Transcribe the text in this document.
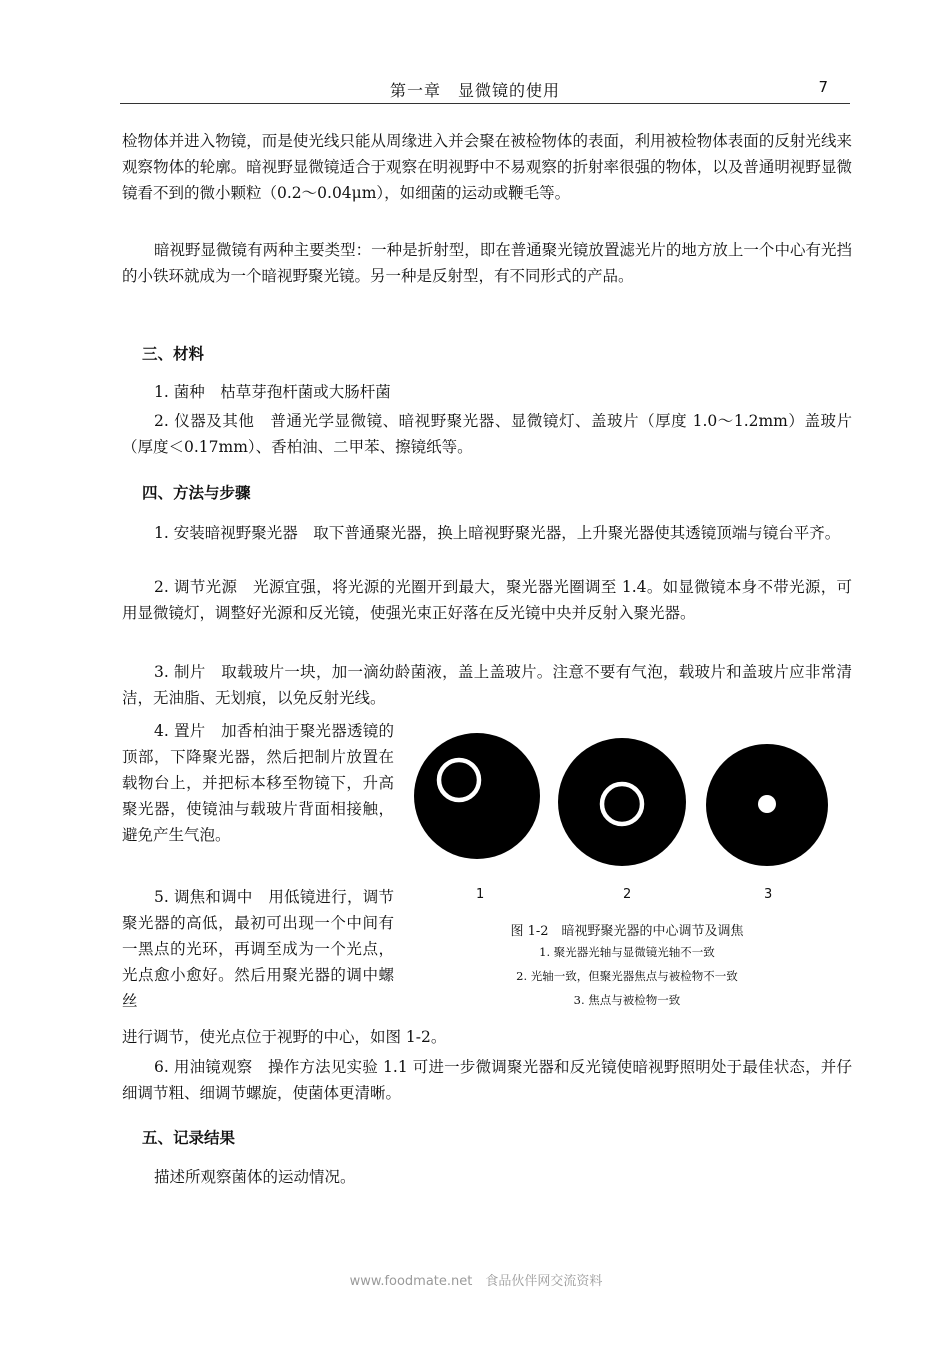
第一章　显微镜的使用	7

检物体并进入物镜，而是使光线只能从周缘进入并会聚在被检物体的表面，利用被检物体表面的反射光线来观察物体的轮廓。暗视野显微镜适合于观察在明视野中不易观察的折射率很强的物体，以及普通明视野显微镜看不到的微小颗粒（0.2～0.04μm），如细菌的运动或鞭毛等。

暗视野显微镜有两种主要类型：一种是折射型，即在普通聚光镜放置滤光片的地方放上一个中心有光挡的小铁环就成为一个暗视野聚光镜。另一种是反射型，有不同形式的产品。

三、材料

1. 菌种　枯草芽孢杆菌或大肠杆菌

2. 仪器及其他　普通光学显微镜、暗视野聚光器、显微镜灯、盖玻片（厚度 1.0～1.2mm）盖玻片（厚度＜0.17mm）、香柏油、二甲苯、擦镜纸等。

四、方法与步骤

1. 安装暗视野聚光器　取下普通聚光器，换上暗视野聚光器，上升聚光器使其透镜顶端与镜台平齐。

2. 调节光源　光源宜强，将光源的光圈开到最大，聚光器光圈调至 1.4。如显微镜本身不带光源，可用显微镜灯，调整好光源和反光镜，使强光束正好落在反光镜中央并反射入聚光器。

3. 制片　取载玻片一块，加一滴幼龄菌液，盖上盖玻片。注意不要有气泡，载玻片和盖玻片应非常清洁，无油脂、无划痕，以免反射光线。

4. 置片　加香柏油于聚光器透镜的顶部，下降聚光器，然后把制片放置在载物台上，并把标本移至物镜下，升高聚光器，使镜油与载玻片背面相接触，避免产生气泡。

5. 调焦和调中　用低镜进行，调节聚光器的高低，最初可出现一个中间有一黑点的光环，再调至成为一个光点，光点愈小愈好。然后用聚光器的调中螺丝

进行调节，使光点位于视野的中心，如图 1-2。

6. 用油镜观察　操作方法见实验 1.1 可进一步微调聚光器和反光镜使暗视野照明处于最佳状态，并仔细调节粗、细调节螺旋，使菌体更清晰。

五、记录结果

描述所观察菌体的运动情况。

1	2	3

图 1-2　暗视野聚光器的中心调节及调焦

1. 聚光器光轴与显微镜光轴不一致

2. 光轴一致，但聚光器焦点与被检物不一致

3. 焦点与被检物一致

www.foodmate.net　食品伙伴网交流资料
